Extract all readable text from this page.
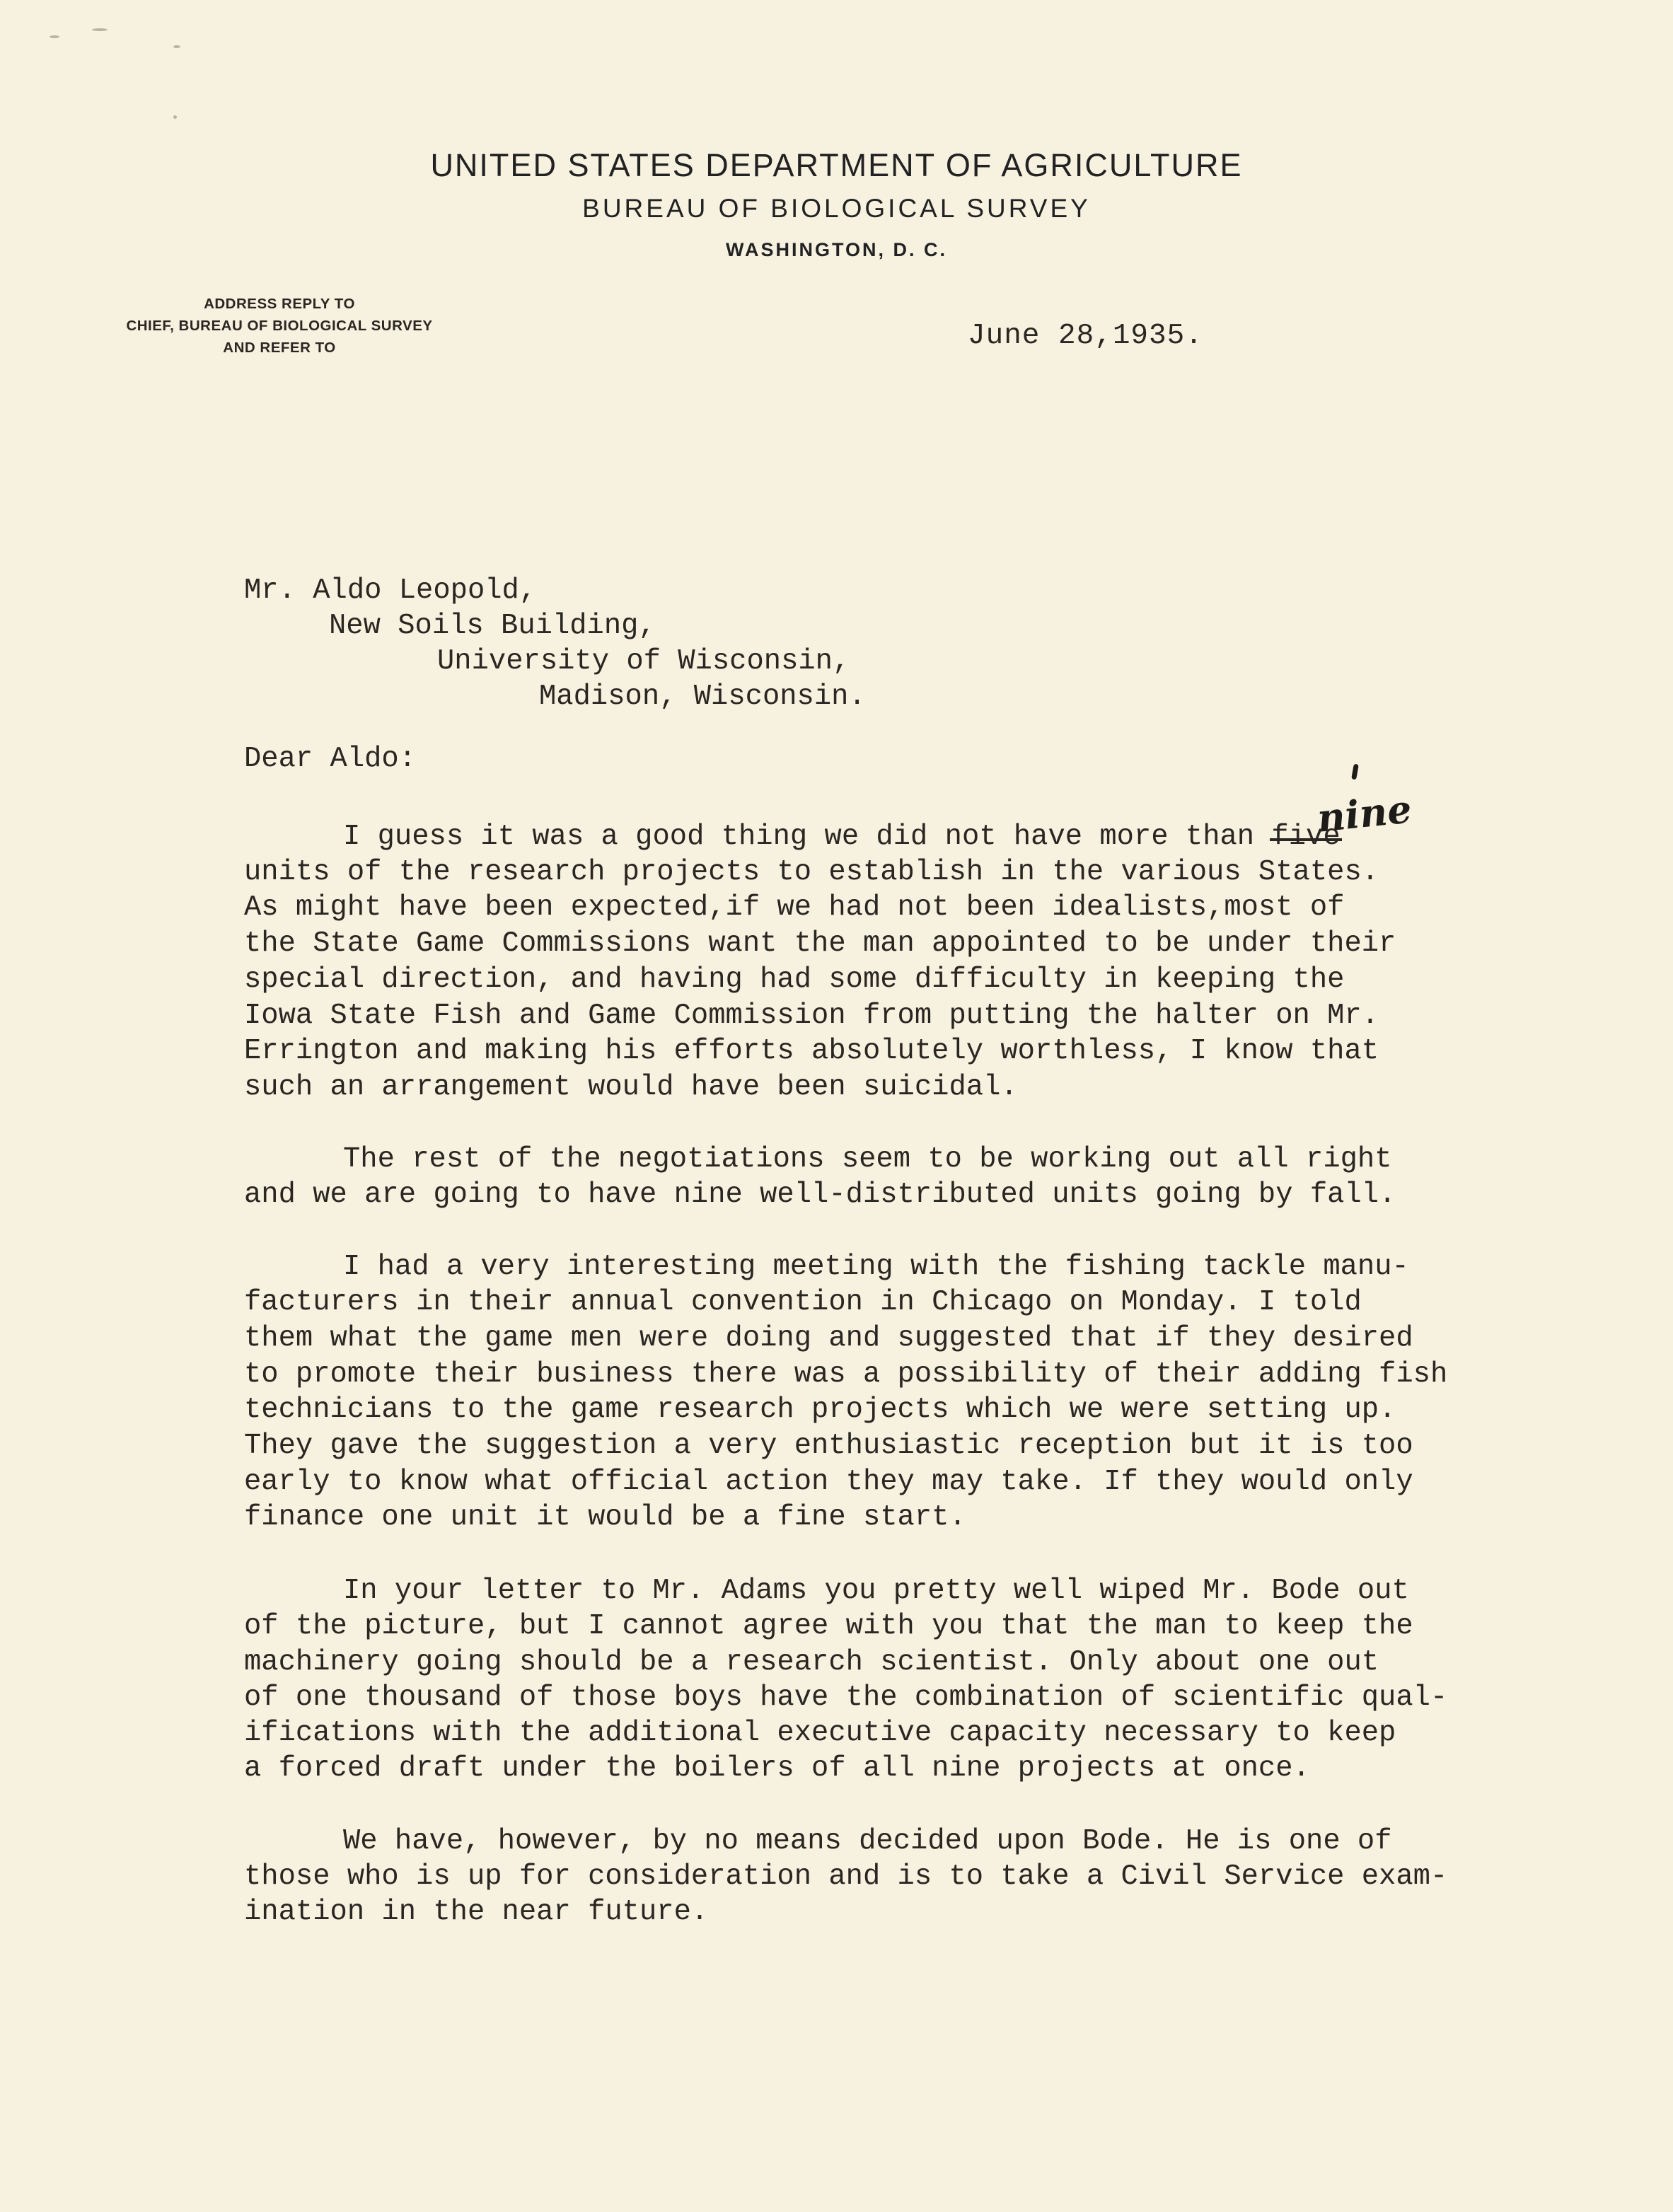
UNITED STATES DEPARTMENT OF AGRICULTURE
BUREAU OF BIOLOGICAL SURVEY
WASHINGTON, D. C.
ADDRESS REPLY TO
CHIEF, BUREAU OF BIOLOGICAL SURVEY
AND REFER TO	June 28,1935.
Mr. Aldo Leopold,
New Soils Building,
University of Wisconsin,
Madison, Wisconsin.
Dear Aldo:
nine
I guess it was a good thing we did not have more than five
units of the research projects to establish in the various States.
As might have been expected,if we had not been idealists,most of
the State Game Commissions want the man appointed to be under their
special direction, and having had some difficulty in keeping the
Iowa State Fish and Game Commission from putting the halter on Mr.
Errington and making his efforts absolutely worthless, I know that
such an arrangement would have been suicidal.
The rest of the negotiations seem to be working out all right
and we are going to have nine well-distributed units going by fall.
I had a very interesting meeting with the fishing tackle manu-
facturers in their annual convention in Chicago on Monday. I told
them what the game men were doing and suggested that if they desired
to promote their business there was a possibility of their adding fish
technicians to the game research projects which we were setting up.
They gave the suggestion a very enthusiastic reception but it is too
early to know what official action they may take. If they would only
finance one unit it would be a fine start.
In your letter to Mr. Adams you pretty well wiped Mr. Bode out
of the picture, but I cannot agree with you that the man to keep the
machinery going should be a research scientist. Only about one out
of one thousand of those boys have the combination of scientific qual-
ifications with the additional executive capacity necessary to keep
a forced draft under the boilers of all nine projects at once.
We have, however, by no means decided upon Bode. He is one of
those who is up for consideration and is to take a Civil Service exam-
ination in the near future.
